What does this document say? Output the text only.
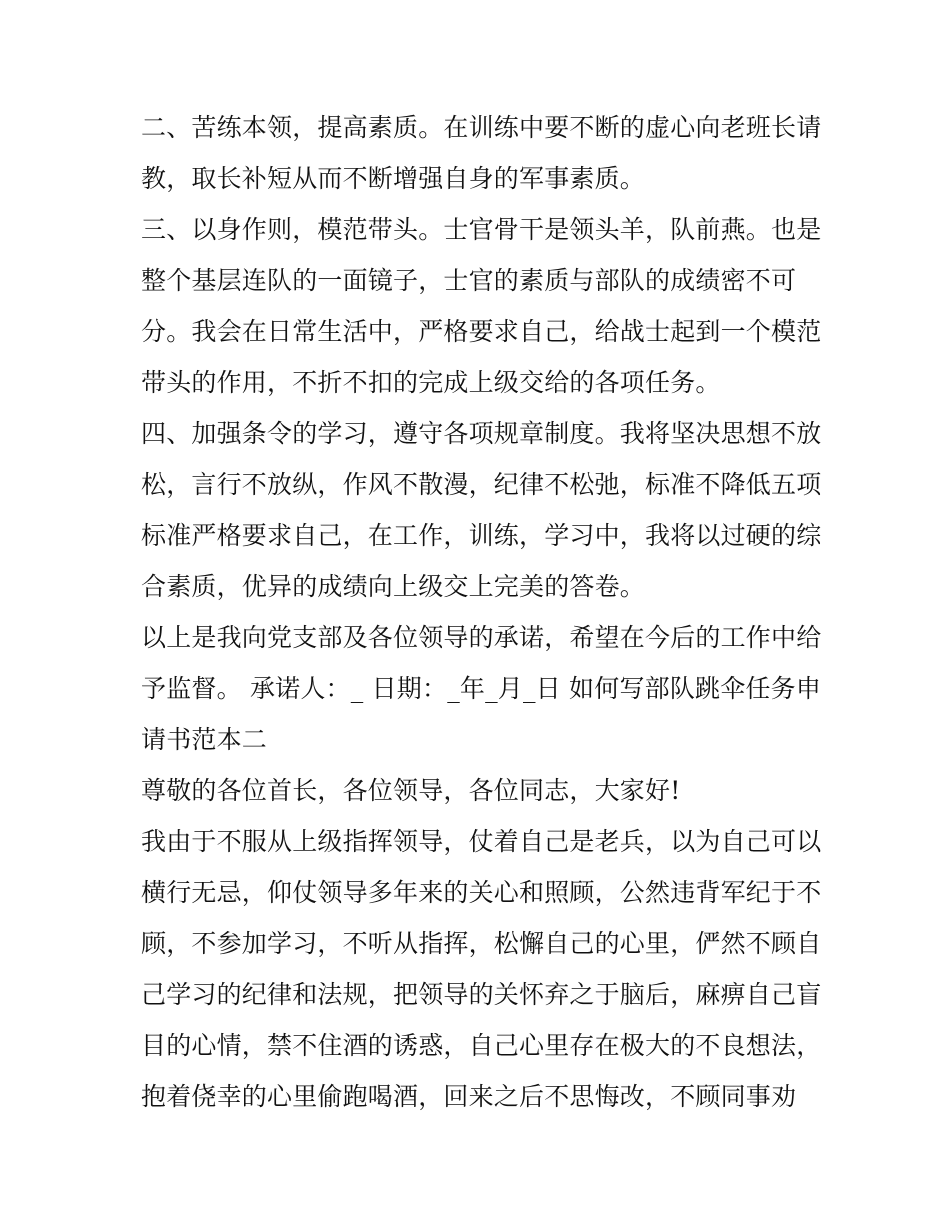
二、苦练本领，提高素质。在训练中要不断的虚心向老班长请
教，取长补短从而不断增强自身的军事素质。
三、以身作则，模范带头。士官骨干是领头羊，队前燕。也是
整个基层连队的一面镜子，士官的素质与部队的成绩密不可
分。我会在日常生活中，严格要求自己，给战士起到一个模范
带头的作用，不折不扣的完成上级交给的各项任务。
四、加强条令的学习，遵守各项规章制度。我将坚决思想不放
松，言行不放纵，作风不散漫，纪律不松弛，标准不降低五项
标准严格要求自己，在工作，训练，学习中，我将以过硬的综
合素质，优异的成绩向上级交上完美的答卷。
以上是我向党支部及各位领导的承诺，希望在今后的工作中给
予监督。 承诺人：_ 日期：_年_月_日 如何写部队跳伞任务申
请书范本二
尊敬的各位首长，各位领导，各位同志，大家好!
我由于不服从上级指挥领导，仗着自己是老兵，以为自己可以
横行无忌，仰仗领导多年来的关心和照顾，公然违背军纪于不
顾，不参加学习，不听从指挥，松懈自己的心里，俨然不顾自
己学习的纪律和法规，把领导的关怀弃之于脑后，麻痹自己盲
目的心情，禁不住酒的诱惑，自己心里存在极大的不良想法，
抱着侥幸的心里偷跑喝酒，回来之后不思悔改，不顾同事劝
